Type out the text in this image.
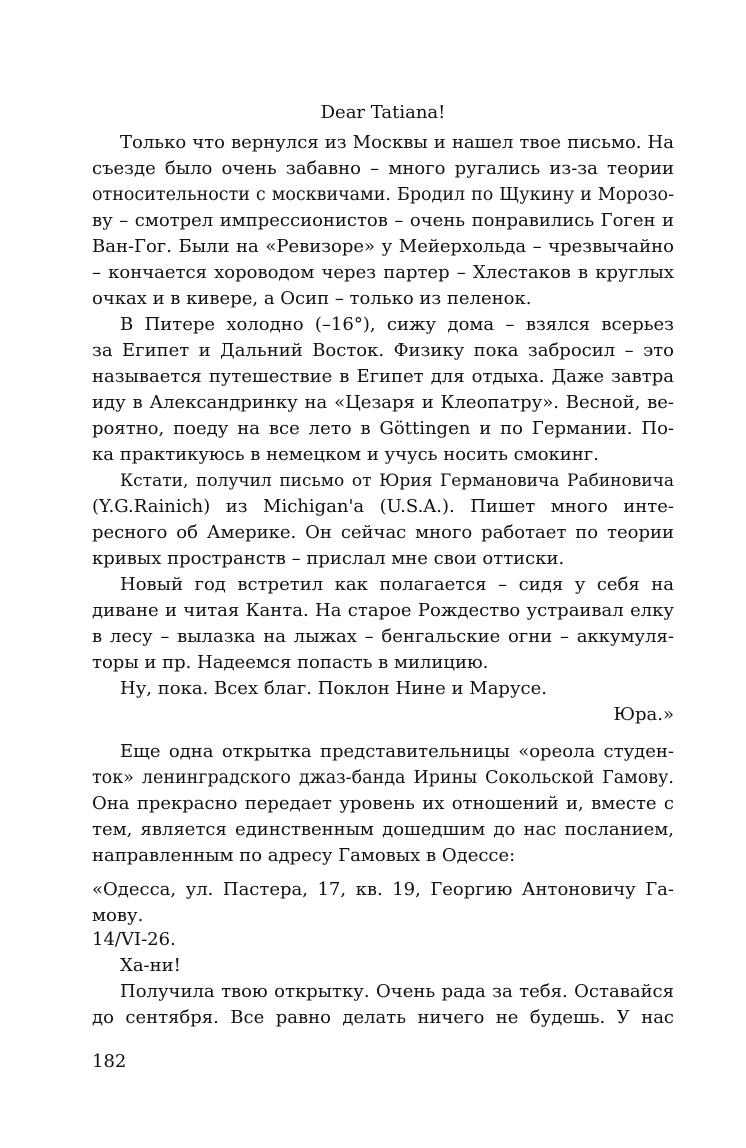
Dear Tatiana!
Только что вернулся из Москвы и нашел твое письмо. На
съезде было очень забавно – много ругались из-за теории
относительности с москвичами. Бродил по Щукину и Морозо-
ву – смотрел импрессионистов – очень понравились Гоген и
Ван-Гог. Были на «Ревизоре» у Мейерхольда – чрезвычайно
– кончается хороводом через партер – Хлестаков в круглых
очках и в кивере, а Осип – только из пеленок.
В Питере холодно (–16°), сижу дома – взялся всерьез
за Египет и Дальний Восток. Физику пока забросил – это
называется путешествие в Египет для отдыха. Даже завтра
иду в Александринку на «Цезаря и Клеопатру». Весной, ве-
роятно, поеду на все лето в Göttingen и по Германии. По-
ка практикуюсь в немецком и учусь носить смокинг.
Кстати, получил письмо от Юрия Германовича Рабиновича
(Y.G.Rainich) из Michigan'а (U.S.A.). Пишет много инте-
ресного об Америке. Он сейчас много работает по теории
кривых пространств – прислал мне свои оттиски.
Новый год встретил как полагается – сидя у себя на
диване и читая Канта. На старое Рождество устраивал елку
в лесу – вылазка на лыжах – бенгальские огни – аккумуля-
торы и пр. Надеемся попасть в милицию.
Ну, пока. Всех благ. Поклон Нине и Марусе.
Юра.»
Еще одна открытка представительницы «ореола студен-
ток» ленинградского джаз-банда Ирины Сокольской Гамову.
Она прекрасно передает уровень их отношений и, вместе с
тем, является единственным дошедшим до нас посланием,
направленным по адресу Гамовых в Одессе:
«Одесса, ул. Пастера, 17, кв. 19, Георгию Антоновичу Га-
мову.
14/VI-26.
Ха-ни!
Получила твою открытку. Очень рада за тебя. Оставайся
до сентября. Все равно делать ничего не будешь. У нас
182
